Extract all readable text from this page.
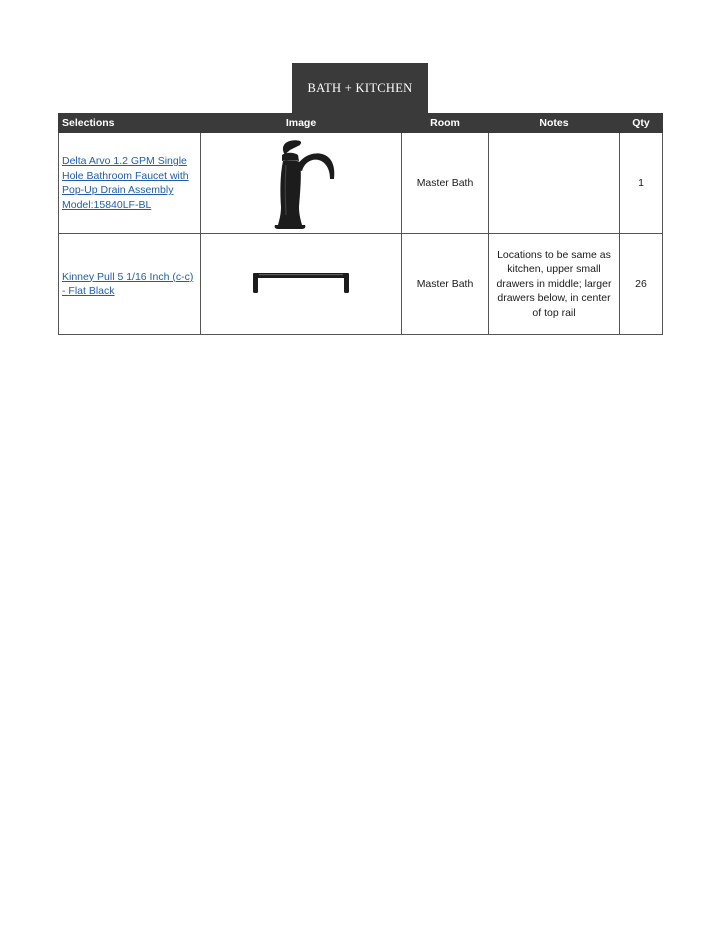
BATH + KITCHEN
Selections	Image	Room	Notes	Qty
Delta Arvo 1.2 GPM Single
Hole Bathroom Faucet with
Pop-Up Drain Assembly
Model:15840LF-BL		Master Bath		1
Kinney Pull 5 1/16 Inch (c-c)
- Flat Black		Master Bath	Locations to be same as
kitchen, upper small
drawers in middle; larger
drawers below, in center
of top rail	26
